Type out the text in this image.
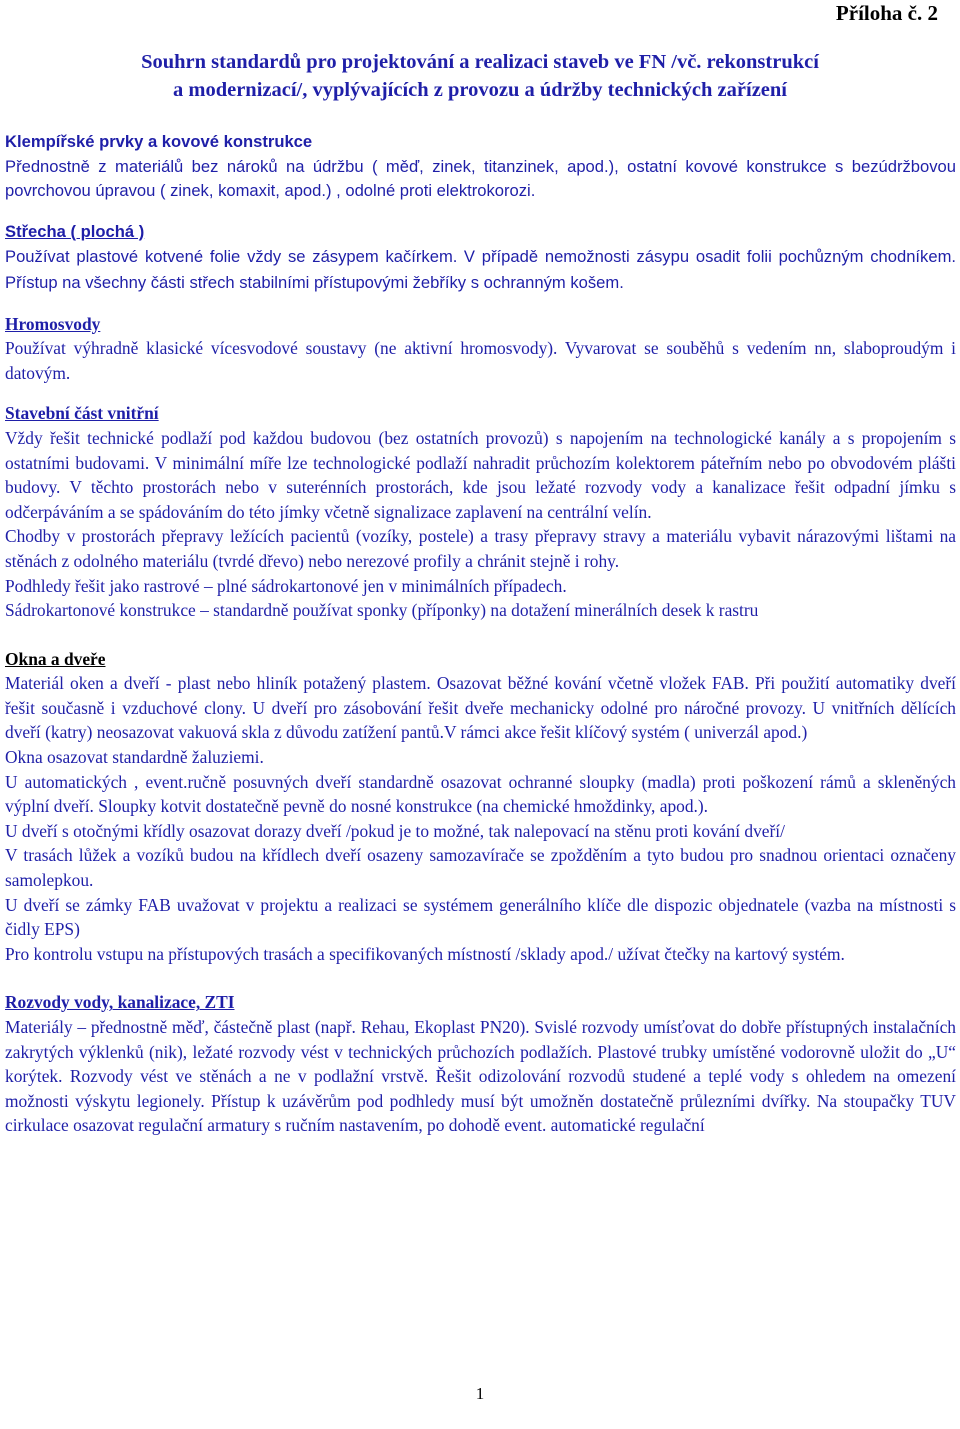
Příloha č. 2
Souhrn standardů pro projektování a realizaci staveb ve FN /vč. rekonstrukcí
a modernizací/, vyplývajících z provozu a údržby technických zařízení

Klempířské prvky a kovové konstrukce

Přednostně z materiálů bez nároků na údržbu ( měď, zinek, titanzinek, apod.), ostatní kovové konstrukce s bezúdržbovou povrchovou úpravou ( zinek, komaxit, apod.) , odolné proti elektrokorozi.

Střecha ( plochá )

Používat plastové kotvené folie vždy se zásypem kačírkem. V případě nemožnosti zásypu osadit folii pochůzným chodníkem. Přístup na všechny části střech stabilními přístupovými žebříky s ochranným košem.

Hromosvody

Používat výhradně klasické vícesvodové soustavy (ne aktivní hromosvody). Vyvarovat se souběhů s vedením nn, slaboproudým i datovým.

Stavební část vnitřní

Vždy řešit technické podlaží pod každou budovou (bez ostatních provozů) s napojením na technologické kanály a s propojením s ostatními budovami. V minimální míře lze technologické podlaží nahradit průchozím kolektorem páteřním nebo po obvodovém plášti budovy. V těchto prostorách nebo v suterénních prostorách, kde jsou ležaté rozvody vody a kanalizace řešit odpadní jímku s odčerpáváním a se spádováním do této jímky včetně signalizace zaplavení na centrální velín.

Chodby v prostorách přepravy ležících pacientů (vozíky, postele) a trasy přepravy stravy a materiálu vybavit nárazovými lištami na stěnách z odolného materiálu (tvrdé dřevo) nebo nerezové profily a chránit stejně i rohy.

Podhledy řešit jako rastrové – plné sádrokartonové jen v minimálních případech.

Sádrokartonové konstrukce – standardně používat sponky (příponky) na dotažení minerálních desek k rastru

Okna a dveře

Materiál oken a dveří - plast nebo hliník potažený plastem. Osazovat běžné kování včetně vložek FAB. Při použití automatiky dveří řešit současně i vzduchové clony. U dveří pro zásobování řešit dveře mechanicky odolné pro náročné provozy. U vnitřních dělících dveří (katry) neosazovat vakuová skla z důvodu zatížení pantů.V rámci akce řešit klíčový systém ( univerzál apod.)

Okna osazovat standardně žaluziemi.

U automatických , event.ručně posuvných dveří standardně osazovat ochranné sloupky (madla) proti poškození rámů a skleněných výplní dveří. Sloupky kotvit dostatečně pevně do nosné konstrukce (na chemické hmoždinky, apod.).

U dveří s otočnými křídly osazovat dorazy dveří /pokud je to možné, tak nalepovací na stěnu proti kování dveří/

V trasách lůžek a vozíků budou na křídlech dveří osazeny samozavírače se zpožděním a tyto budou pro snadnou orientaci označeny samolepkou.

U dveří se zámky FAB uvažovat v projektu a realizaci se systémem generálního klíče dle dispozic objednatele (vazba na místnosti s čidly EPS)

Pro kontrolu vstupu na přístupových trasách a specifikovaných místností /sklady apod./ užívat čtečky na kartový systém.

Rozvody vody, kanalizace, ZTI

Materiály – přednostně měď, částečně plast (např. Rehau, Ekoplast PN20). Svislé rozvody umísťovat do dobře přístupných instalačních zakrytých výklenků (nik), ležaté rozvody vést v technických průchozích podlažích. Plastové trubky umístěné vodorovně uložit do „U“ korýtek. Rozvody vést ve stěnách a ne v podlažní vrstvě. Řešit odizolování rozvodů studené a teplé vody s ohledem na omezení možnosti výskytu legionely. Přístup k uzávěrům pod podhledy musí být umožněn dostatečně průlezními dvířky. Na stoupačky TUV cirkulace osazovat regulační armatury s ručním nastavením, po dohodě event. automatické regulační

1
